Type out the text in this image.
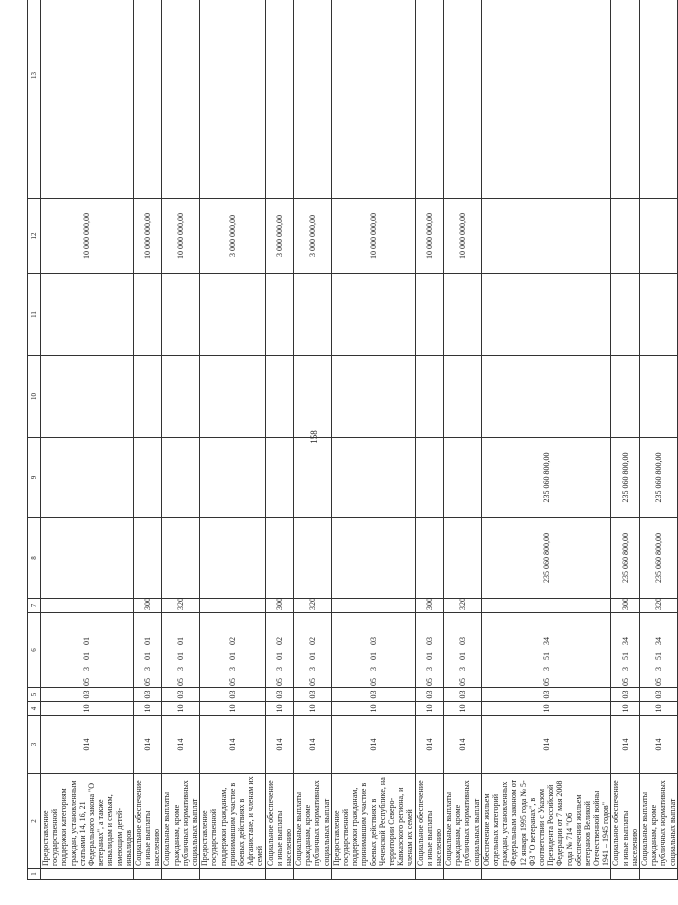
158
1	2	3	4	5	6	7	8	9	10	11	12	13
	Предоставление государственной поддержки категориям граждан, установленным статьями 14, 16, 21 Федерального закона "О ветеранах", а также инвалидам и семьям, имеющим детей-инвалидов	014	10	03	0530101						10 000 000,00	
	Социальное обеспечение и иные выплаты населению	014	10	03	0530101	300					10 000 000,00	
	Социальные выплаты гражданам, кроме публичных нормативных социальных выплат	014	10	03	0530101	320					10 000 000,00	
	Предоставление государственной поддержки гражданам, принимавшим участие в боевых действиях в Афганистане, и членам их семей	014	10	03	0530102						3 000 000,00	
	Социальное обеспечение и иные выплаты населению	014	10	03	0530102	300					3 000 000,00	
	Социальные выплаты гражданам, кроме публичных нормативных социальных выплат	014	10	03	0530102	320					3 000 000,00	
	Предоставление государственной поддержки гражданам, принимавшим участие в боевых действиях в Чеченской Республике, на территории Северо-Кавказского региона, и членам их семей	014	10	03	0530103						10 000 000,00	
	Социальное обеспечение и иные выплаты населению	014	10	03	0530103	300					10 000 000,00	
	Социальные выплаты гражданам, кроме публичных нормативных социальных выплат	014	10	03	0530103	320					10 000 000,00	
	Обеспечение жильем отдельных категорий граждан, установленных Федеральным законом от 12 января 1995 года № 5-ФЗ "О ветеранах", в соответствии с Указом Президента Российской Федерации от 7 мая 2008 года № 714 "Об обеспечении жильем ветеранов Великой Отечественной войны 1941 – 1945 годов"	014	10	03	0535134		235 060 800,00	235 060 800,00				
	Социальное обеспечение и иные выплаты населению	014	10	03	0535134	300	235 060 800,00	235 060 800,00				
	Социальные выплаты гражданам, кроме публичных нормативных социальных выплат	014	10	03	0535134	320	235 060 800,00	235 060 800,00				
